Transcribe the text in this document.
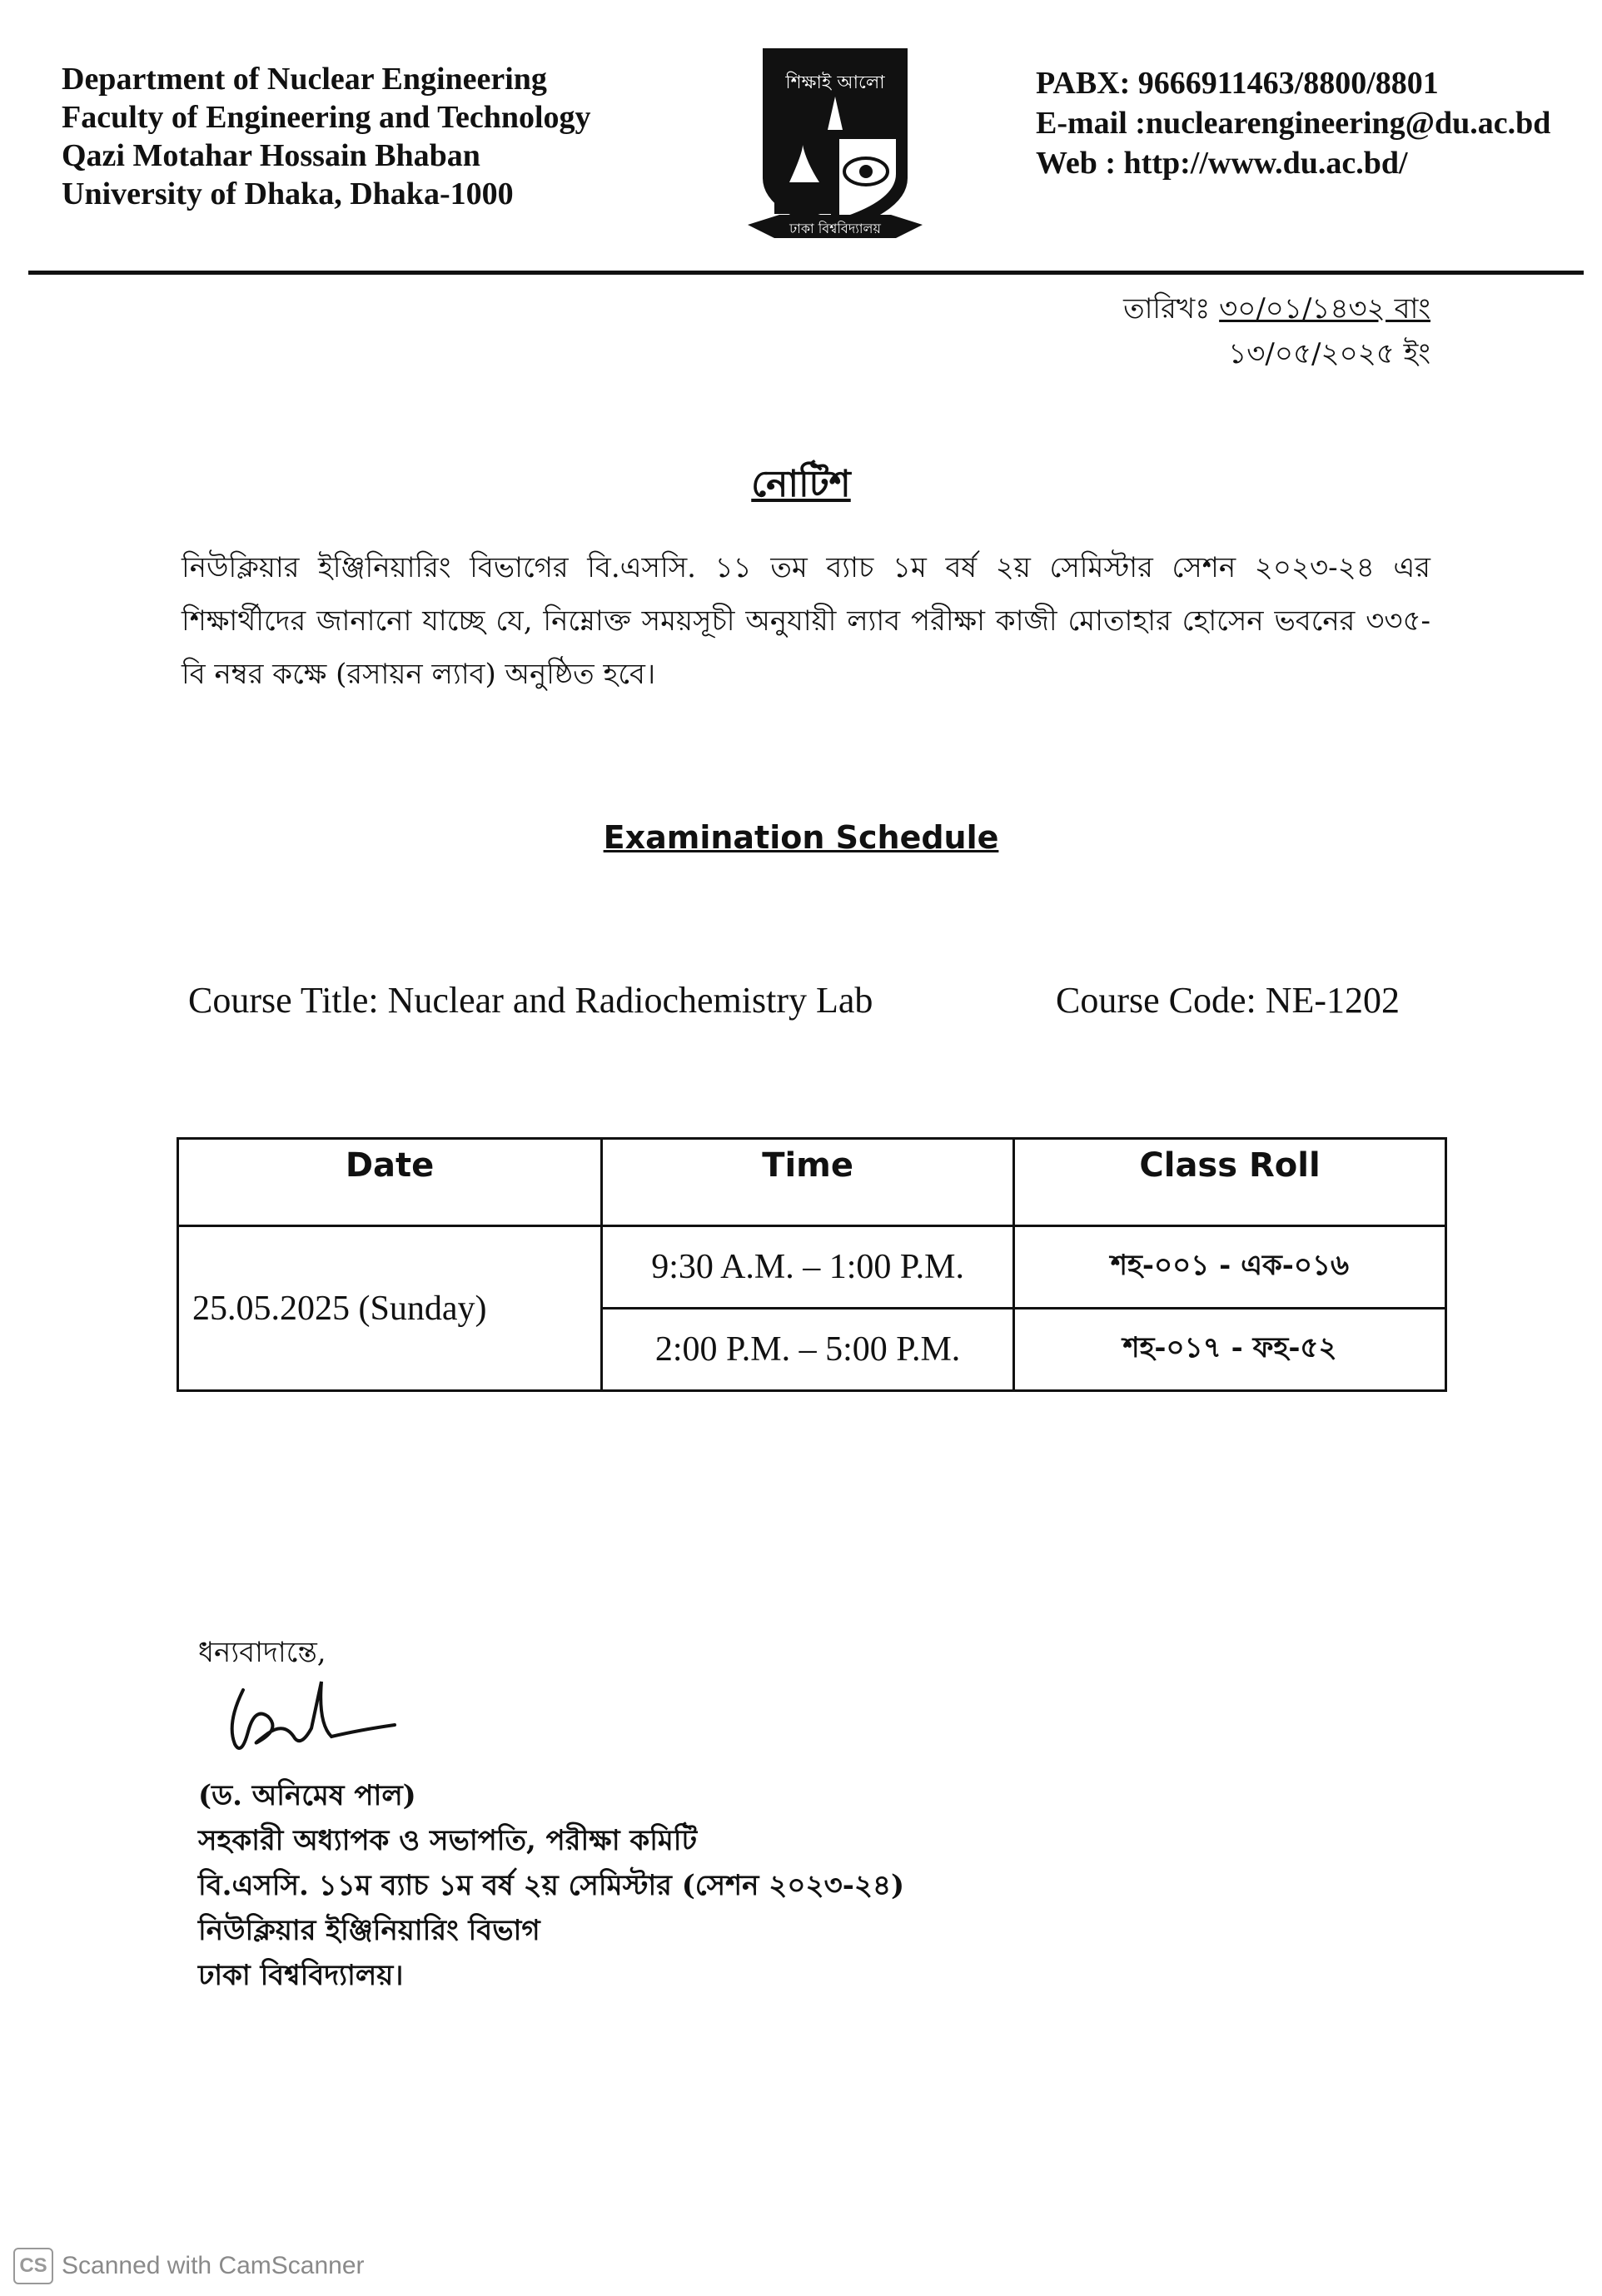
Department of Nuclear Engineering
Faculty of Engineering and Technology
Qazi Motahar Hossain Bhaban
University of Dhaka, Dhaka-1000
শিক্ষাই আলো
ঢাকা বিশ্ববিদ্যালয়
PABX: 9666911463/8800/8801
E-mail :nuclearengineering@du.ac.bd
Web : http://www.du.ac.bd/
তারিখঃ ৩০/০১/১৪৩২ বাং
১৩/০৫/২০২৫ ইং
নোটিশ
নিউক্লিয়ার ইঞ্জিনিয়ারিং বিভাগের বি.এসসি. ১১ তম ব্যাচ ১ম বর্ষ ২য় সেমিস্টার সেশন ২০২৩-২৪ এর শিক্ষার্থীদের জানানো যাচ্ছে যে, নিম্নোক্ত সময়সূচী অনুযায়ী ল্যাব পরীক্ষা কাজী মোতাহার হোসেন ভবনের ৩৩৫- বি নম্বর কক্ষে (রসায়ন ল্যাব) অনুষ্ঠিত হবে।
Examination Schedule
Course Title: Nuclear and Radiochemistry Lab	Course Code: NE-1202
Date	Time	Class Roll
25.05.2025 (Sunday)	9:30 A.M. – 1:00 P.M.	শহ-০০১ - এক-০১৬
	2:00 P.M. – 5:00 P.M.	শহ-০১৭ - ফহ-৫২
ধন্যবাদান্তে,
(ড. অনিমেষ পাল)
সহকারী অধ্যাপক ও সভাপতি, পরীক্ষা কমিটি
বি.এসসি. ১১ম ব্যাচ ১ম বর্ষ ২য় সেমিস্টার (সেশন ২০২৩-২৪)
নিউক্লিয়ার ইঞ্জিনিয়ারিং বিভাগ
ঢাকা বিশ্ববিদ্যালয়।
CS Scanned with CamScanner
